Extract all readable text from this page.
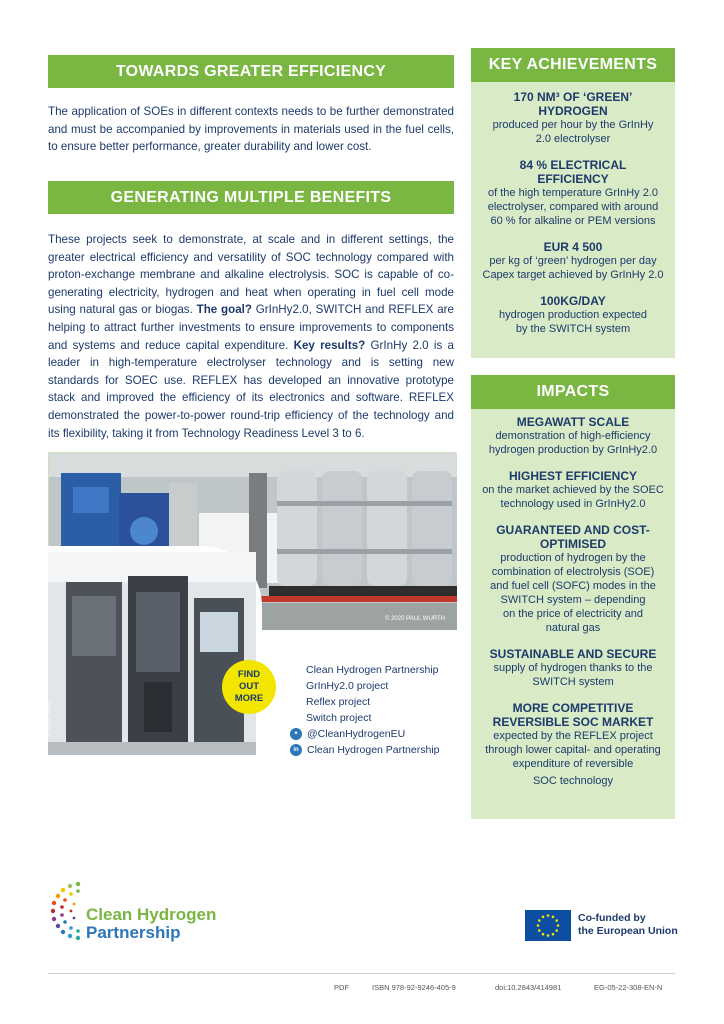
TOWARDS GREATER EFFICIENCY

The application of SOEs in different contexts needs to be further demonstrated and must be accompanied by improvements in materials used in the fuel cells, to ensure better performance, greater durability and lower cost.

GENERATING MULTIPLE BENEFITS

These projects seek to demonstrate, at scale and in different settings, the greater electrical efficiency and versatility of SOC technology compared with proton-exchange membrane and alkaline electrolysis. SOC is capable of co-generating electricity, hydrogen and heat when operating in fuel cell mode using natural gas or biogas. The goal? GrInHy2.0, SWITCH and REFLEX are helping to attract further investments to ensure improvements to components and systems and reduce capital expenditure. Key results? GrInHy 2.0 is a leader in high-temperature electrolyser technology and is setting new standards for SOEC use. REFLEX has developed an innovative prototype stack and improved the efficiency of its electronics and software. REFLEX demonstrated the power-to-power round-trip efficiency of the technology and its flexibility, taking it from Technology Readiness Level 3 to 6.

© 2020 PAUL WURTH
© CEA, 2020
FIND
OUT
MORE
Clean Hydrogen Partnership
GrInHy2.0 project
Reflex project
Switch project
✦ @CleanHydrogenEU
in Clean Hydrogen Partnership
KEY ACHIEVEMENTS
170 NM³ OF ‘GREEN’
HYDROGEN
produced per hour by the GrInHy
2.0 electrolyser
84 % ELECTRICAL
EFFICIENCY
of the high temperature GrInHy 2.0
electrolyser, compared with around
60 % for alkaline or PEM versions
EUR 4 500
per kg of ‘green’ hydrogen per day
Capex target achieved by GrInHy 2.0
100KG/DAY
hydrogen production expected
by the SWITCH system
IMPACTS
MEGAWATT SCALE
demonstration of high-efficiency
hydrogen production by GrInHy2.0
HIGHEST EFFICIENCY
on the market achieved by the SOEC
technology used in GrInHy2.0
GUARANTEED AND COST-
OPTIMISED
production of hydrogen by the
combination of electrolysis (SOE)
and fuel cell (SOFC) modes in the
SWITCH system – depending
on the price of electricity and
natural gas
SUSTAINABLE AND SECURE
supply of hydrogen thanks to the
SWITCH system
MORE COMPETITIVE
REVERSIBLE SOC MARKET
expected by the REFLEX project
through lower capital- and operating
expenditure of reversible
SOC technology
Clean Hydrogen
Partnership
Co-funded by
the European Union
PDF	ISBN 978-92-9246-405-9	doi:10.2843/414981	EG-05-22-308-EN-N
